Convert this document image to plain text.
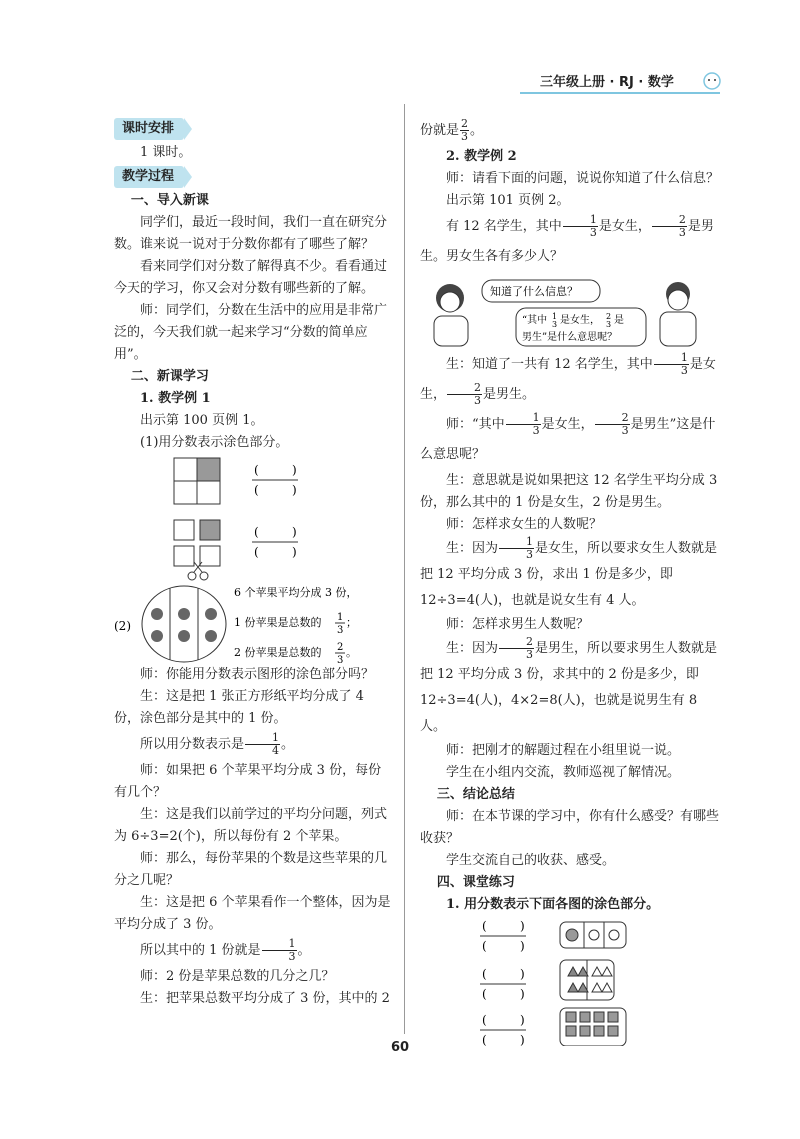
三年级上册 · RJ · 数学
课时安排

1 课时。

教学过程

一、导入新课

同学们，最近一段时间，我们一直在研究分数。谁来说一说对于分数你都有了哪些了解？

看来同学们对分数了解得真不少。看看通过今天的学习，你又会对分数有哪些新的了解。

师：同学们，分数在生活中的应用是非常广泛的，今天我们就一起来学习“分数的简单应用”。

二、新课学习

1. 教学例 1

出示第 100 页例 1。

(1)用分数表示涂色部分。

(	)
(	)
(	)
(	)
(2)
6 个苹果平均分成 3 份，
1 份苹果是总数的 1
3
；
2 份苹果是总数的 2
3
。

师：你能用分数表示图形的涂色部分吗？

生：这是把 1 张正方形纸平均分成了 4 份，涂色部分是其中的 1 份。

所以用分数表示是 $\frac{1}{4}$ 。

师：如果把 6 个苹果平均分成 3 份，每份有几个？

生：这是我们以前学过的平均分问题，列式为 6÷3=2(个)，所以每份有 2 个苹果。

师：那么，每份苹果的个数是这些苹果的几分之几呢？

生：这是把 6 个苹果看作一个整体，因为是平均分成了 3 份。

所以其中的 1 份就是 $\frac{1}{3}$ 。

师：2 份是苹果总数的几分之几？

生：把苹果总数平均分成了 3 份，其中的 2

份就是 $\frac{2}{3}$ 。

2. 教学例 2

师：请看下面的问题，说说你知道了什么信息？

出示第 101 页例 2。

有 12 名学生，其中 $\frac{1}{3}$ 是女生， $\frac{2}{3}$ 是男生。男女生各有多少人？

知道了什么信息？
“其中 1
3 是女生， 2
3 是
男生”是什么意思呢？

生：知道了一共有 12 名学生，其中 $\frac{1}{3}$ 是女生， $\frac{2}{3}$ 是男生。

师：“其中 $\frac{1}{3}$ 是女生， $\frac{2}{3}$ 是男生”这是什么意思呢？

生：意思就是说如果把这 12 名学生平均分成 3 份，那么其中的 1 份是女生，2 份是男生。

师：怎样求女生的人数呢？

生：因为 $\frac{1}{3}$ 是女生，所以要求女生人数就是把 12 平均分成 3 份，求出 1 份是多少，即 12÷3=4(人)，也就是说女生有 4 人。

师：怎样求男生人数呢？

生：因为 $\frac{2}{3}$ 是男生，所以要求男生人数就是把 12 平均分成 3 份，求其中的 2 份是多少，即 12÷3=4(人)，4×2=8(人)，也就是说男生有 8 人。

师：把刚才的解题过程在小组里说一说。

学生在小组内交流，教师巡视了解情况。

三、结论总结

师：在本节课的学习中，你有什么感受？有哪些收获？

学生交流自己的收获、感受。

四、课堂练习

1. 用分数表示下面各图的涂色部分。

(	)
(	)
(	)
(	)
(	)
(	)
60
